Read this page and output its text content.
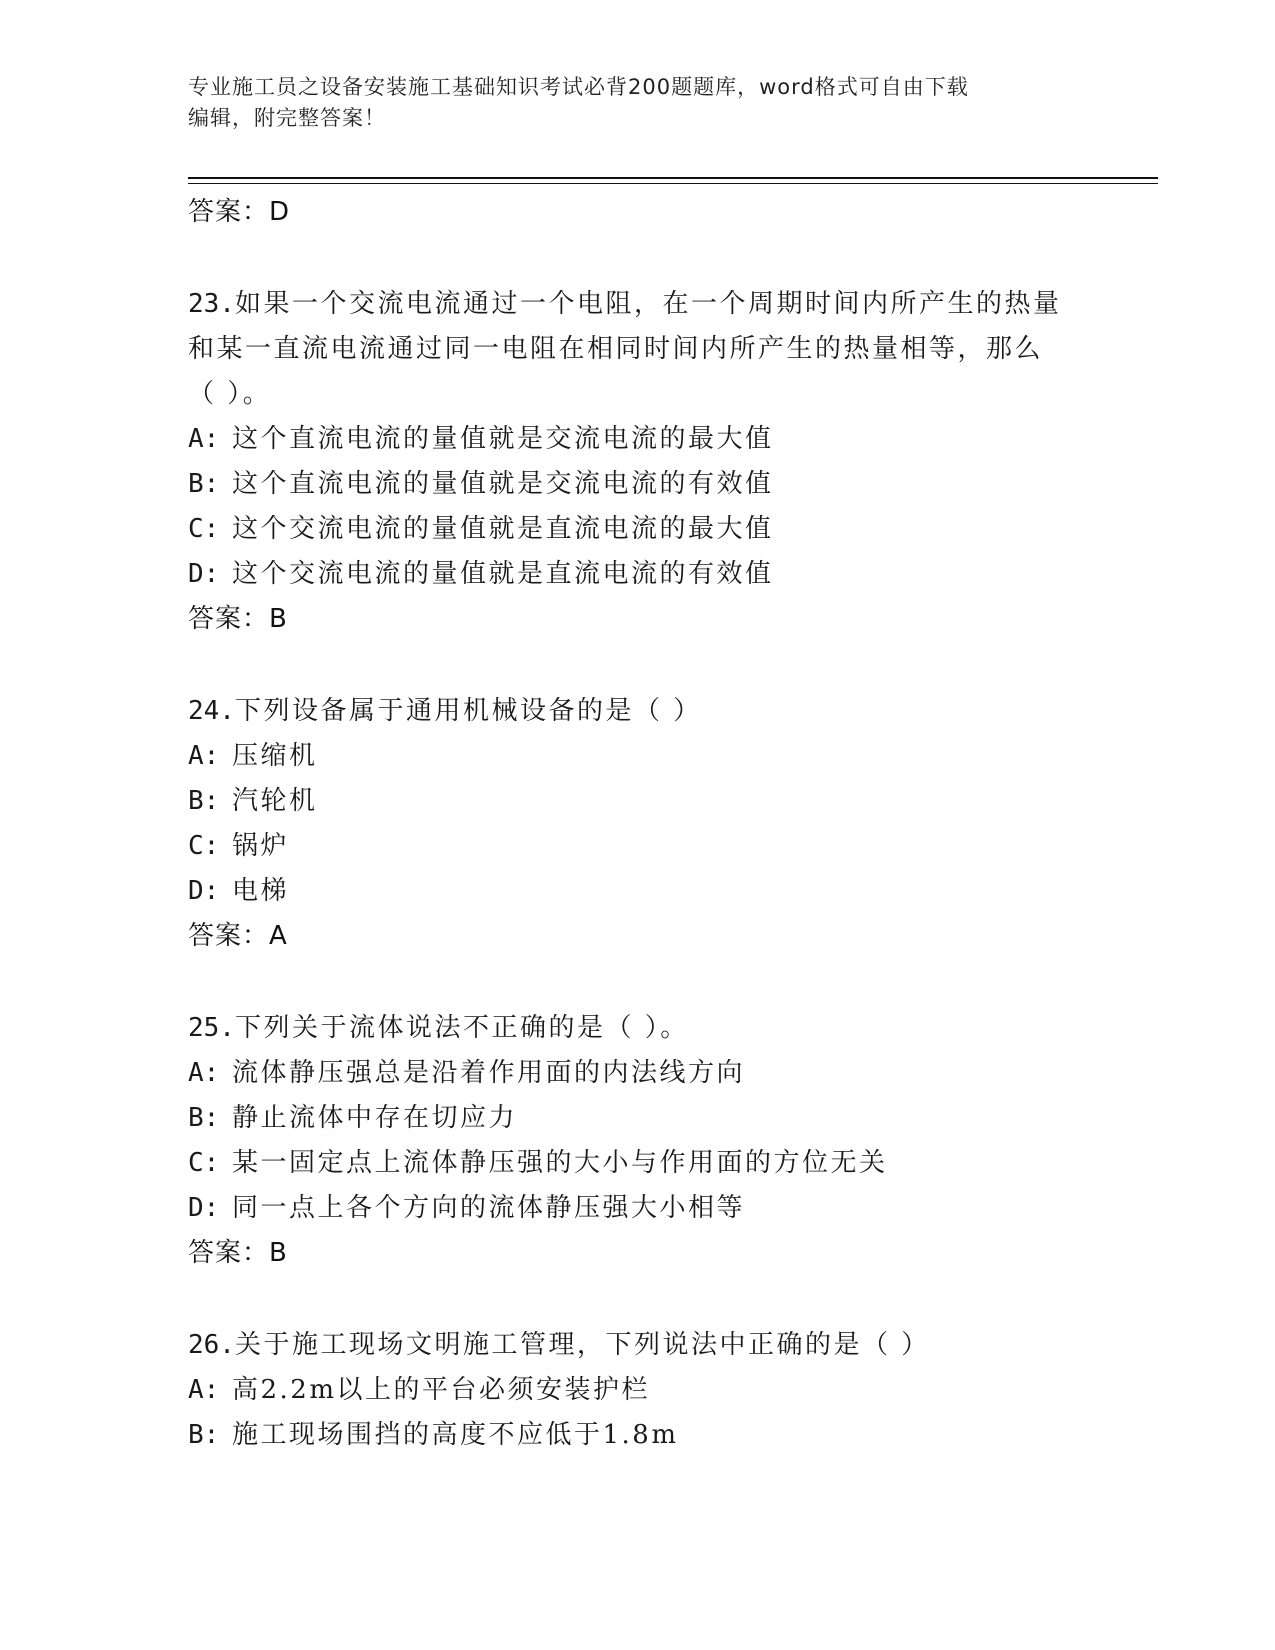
专业施工员之设备安装施工基础知识考试必背200题题库，word格式可自由下载
编辑，附完整答案！
答案：D
23.如果一个交流电流通过一个电阻，在一个周期时间内所产生的热量
和某一直流电流通过同一电阻在相同时间内所产生的热量相等，那么
（ ）。
A: 这个直流电流的量值就是交流电流的最大值
B: 这个直流电流的量值就是交流电流的有效值
C: 这个交流电流的量值就是直流电流的最大值
D: 这个交流电流的量值就是直流电流的有效值
答案：B
24.下列设备属于通用机械设备的是（ ）
A: 压缩机
B: 汽轮机
C: 锅炉
D: 电梯
答案：A
25.下列关于流体说法不正确的是（ ）。
A: 流体静压强总是沿着作用面的内法线方向
B: 静止流体中存在切应力
C: 某一固定点上流体静压强的大小与作用面的方位无关
D: 同一点上各个方向的流体静压强大小相等
答案：B
26.关于施工现场文明施工管理，下列说法中正确的是（ ）
A: 高2.2m以上的平台必须安装护栏
B: 施工现场围挡的高度不应低于1.8m
